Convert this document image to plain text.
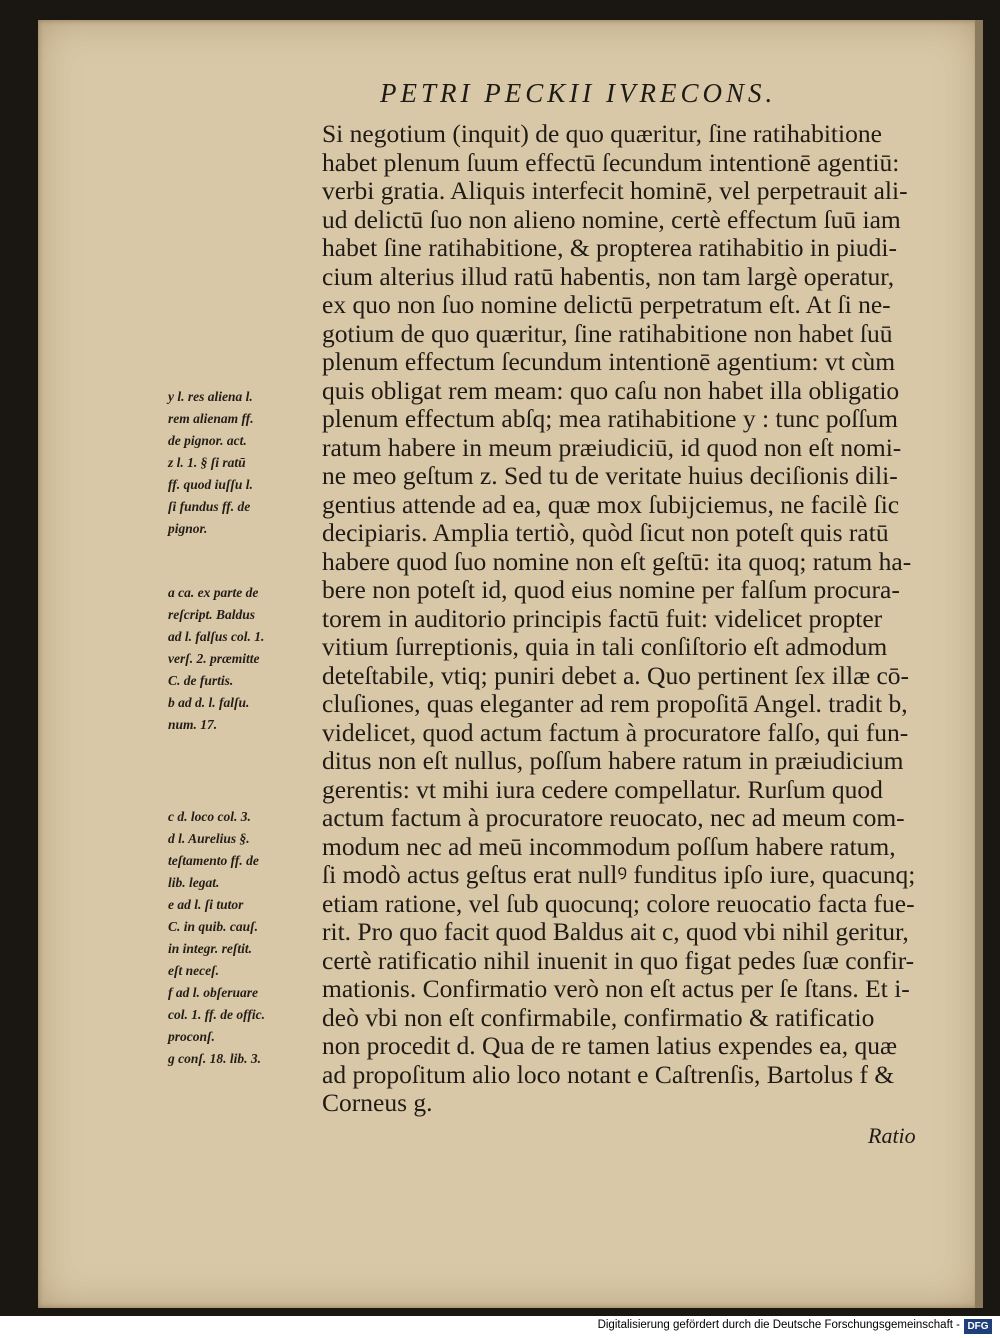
PETRI PECKII IVRECONS.
Si negotium (inquit) de quo quæritur, ſine ratihabitione
habet plenum ſuum effectū ſecundum intentionē agentiū:
verbi gratia. Aliquis interfecit hominē, vel perpetrauit ali-
ud delictū ſuo non alieno nomine, certè effectum ſuū iam
habet ſine ratihabitione, & propterea ratihabitio in piudi-
cium alterius illud ratū habentis, non tam largè operatur,
ex quo non ſuo nomine delictū perpetratum eſt. At ſi ne-
gotium de quo quæritur, ſine ratihabitione non habet ſuū
plenum effectum ſecundum intentionē agentium: vt cùm
quis obligat rem meam: quo caſu non habet illa obligatio
plenum effectum abſq; mea ratihabitione y : tunc poſſum
ratum habere in meum præiudiciū, id quod non eſt nomi-
ne meo geſtum z. Sed tu de veritate huius deciſionis dili-
gentius attende ad ea, quæ mox ſubijciemus, ne facilè ſic
decipiaris. Amplia tertiò, quòd ſicut non poteſt quis ratū
habere quod ſuo nomine non eſt geſtū: ita quoq; ratum ha-
bere non poteſt id, quod eius nomine per falſum procura-
torem in auditorio principis factū fuit: videlicet propter
vitium ſurreptionis, quia in tali conſiſtorio eſt admodum
deteſtabile, vtiq; puniri debet a. Quo pertinent ſex illæ cō-
cluſiones, quas eleganter ad rem propoſitā Angel. tradit b,
videlicet, quod actum factum à procuratore falſo, qui fun-
ditus non eſt nullus, poſſum habere ratum in præiudicium
gerentis: vt mihi iura cedere compellatur. Rurſum quod
actum factum à procuratore reuocato, nec ad meum com-
modum nec ad meū incommodum poſſum habere ratum,
ſi modò actus geſtus erat nullꝰ funditus ipſo iure, quacunq;
etiam ratione, vel ſub quocunq; colore reuocatio facta fue-
rit. Pro quo facit quod Baldus ait c, quod vbi nihil geritur,
certè ratificatio nihil inuenit in quo figat pedes ſuæ confir-
mationis. Confirmatio verò non eſt actus per ſe ſtans. Et i-
deò vbi non eſt confirmabile, confirmatio & ratificatio
non procedit d. Qua de re tamen latius expendes ea, quæ
ad propoſitum alio loco notant e Caſtrenſis, Bartolus f &
Corneus g.
y l. res aliena l.
rem alienam ff.
de pignor. act.
z l. 1. § ſi ratū
ff. quod iuſſu l.
ſi fundus ff. de
pignor.
a ca. ex parte de
reſcript. Baldus
ad l. falſus col. 1.
verſ. 2. præmitte
C. de furtis.
b ad d. l. falſu.
num. 17.
c d. loco col. 3.
d l. Aurelius §.
teſtamento ff. de
lib. legat.
e ad l. ſi tutor
C. in quib. cauſ.
in integr. reſtit.
eſt neceſ.
f ad l. obſeruare
col. 1. ff. de offic.
proconſ.
g conſ. 18. lib. 3.
Ratio
Digitalisierung gefördert durch die Deutsche Forschungsgemeinschaft - DFG
